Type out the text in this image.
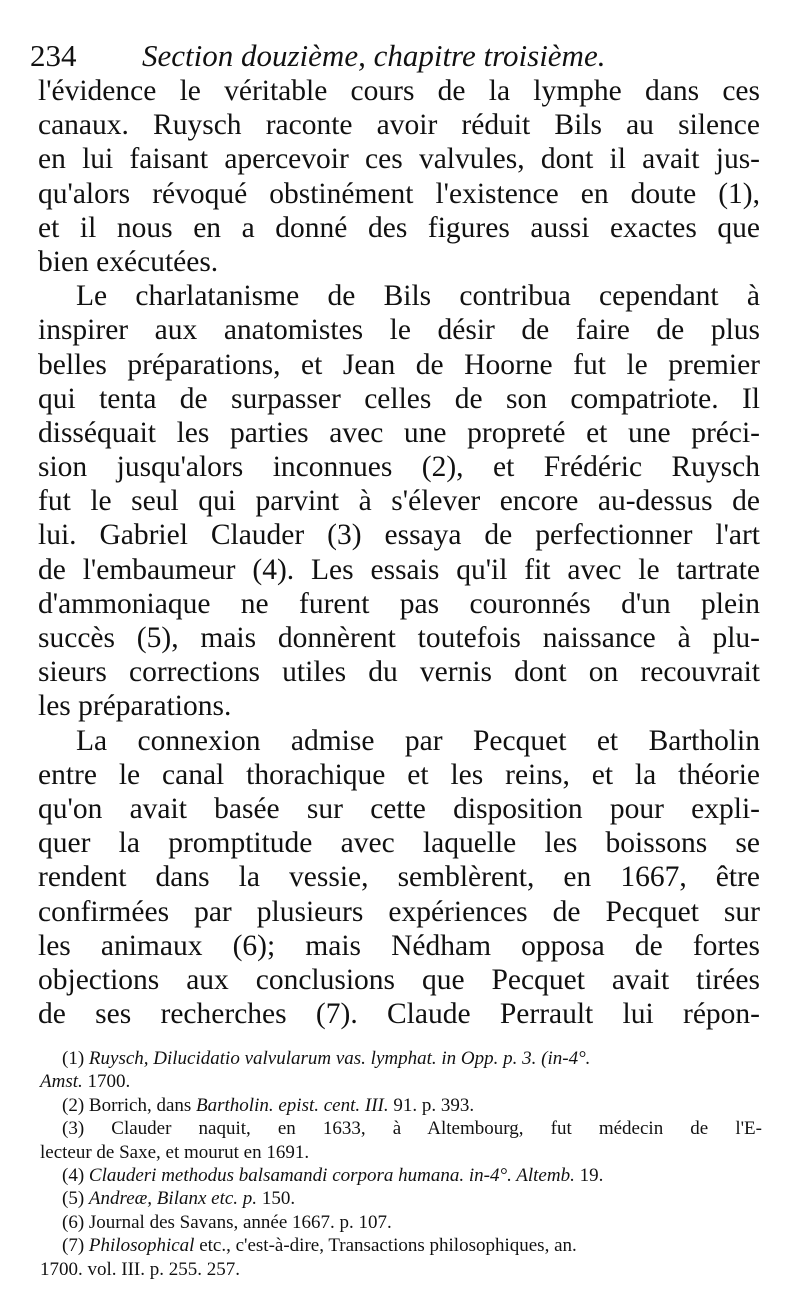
234 Section douzième, chapitre troisième.
l'évidence le véritable cours de la lymphe dans ces
canaux. Ruysch raconte avoir réduit Bils au silence
en lui faisant apercevoir ces valvules, dont il avait jus-
qu'alors révoqué obstinément l'existence en doute (1),
et il nous en a donné des figures aussi exactes que
bien exécutées.
Le charlatanisme de Bils contribua cependant à
inspirer aux anatomistes le désir de faire de plus
belles préparations, et Jean de Hoorne fut le premier
qui tenta de surpasser celles de son compatriote. Il
disséquait les parties avec une propreté et une préci-
sion jusqu'alors inconnues (2), et Frédéric Ruysch
fut le seul qui parvint à s'élever encore au-dessus de
lui. Gabriel Clauder (3) essaya de perfectionner l'art
de l'embaumeur (4). Les essais qu'il fit avec le tartrate
d'ammoniaque ne furent pas couronnés d'un plein
succès (5), mais donnèrent toutefois naissance à plu-
sieurs corrections utiles du vernis dont on recouvrait
les préparations.
La connexion admise par Pecquet et Bartholin
entre le canal thorachique et les reins, et la théorie
qu'on avait basée sur cette disposition pour expli-
quer la promptitude avec laquelle les boissons se
rendent dans la vessie, semblèrent, en 1667, être
confirmées par plusieurs expériences de Pecquet sur
les animaux (6); mais Nédham opposa de fortes
objections aux conclusions que Pecquet avait tirées
de ses recherches (7). Claude Perrault lui répon-
(1) Ruysch, Dilucidatio valvularum vas. lymphat. in Opp. p. 3. (in-4°.
Amst. 1700.
(2) Borrich, dans Bartholin. epist. cent. III. 91. p. 393.
(3) Clauder naquit, en 1633, à Altembourg, fut médecin de l'E-
lecteur de Saxe, et mourut en 1691.
(4) Clauderi methodus balsamandi corpora humana. in-4°. Altemb. 19.
(5) Andreæ, Bilanx etc. p. 150.
(6) Journal des Savans, année 1667. p. 107.
(7) Philosophical etc., c'est-à-dire, Transactions philosophiques, an.
1700. vol. III. p. 255. 257.
